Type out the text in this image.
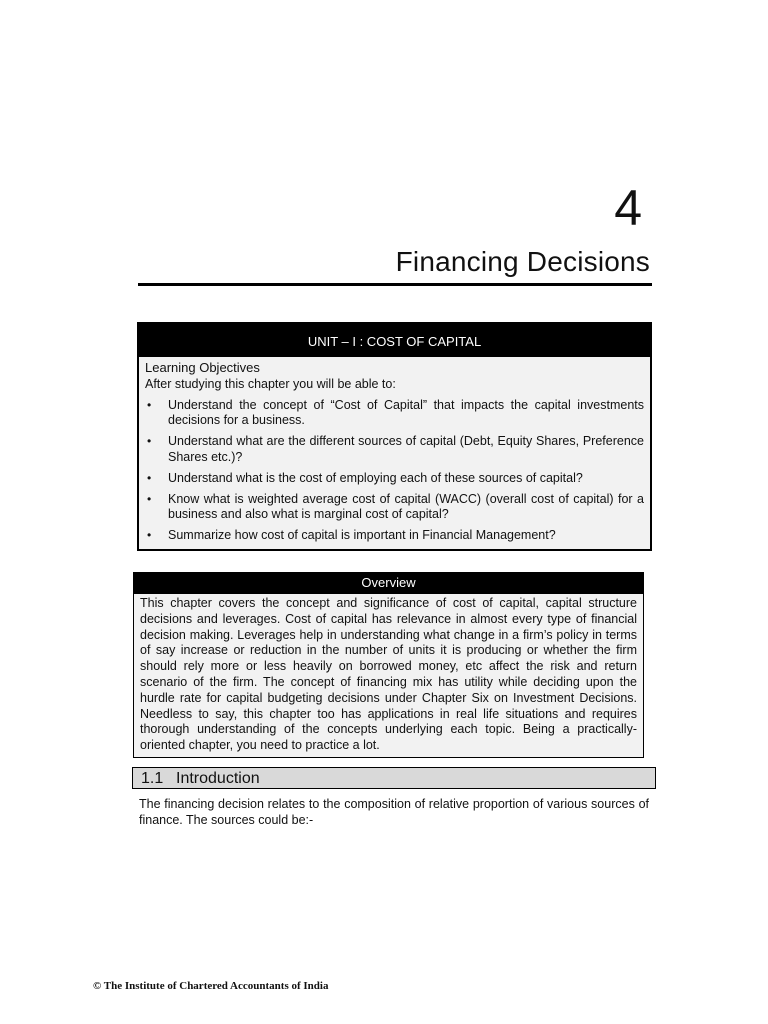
4
Financing Decisions
UNIT – I : COST OF CAPITAL
Learning Objectives
After studying this chapter you will be able to:
• Understand the concept of “Cost of Capital” that impacts the capital investments decisions for a business.
• Understand what are the different sources of capital (Debt, Equity Shares, Preference Shares etc.)?
• Understand what is the cost of employing each of these sources of capital?
• Know what is weighted average cost of capital (WACC) (overall cost of capital) for a business and also what is marginal cost of capital?
• Summarize how cost of capital is important in Financial Management?
Overview
This chapter covers the concept and significance of cost of capital, capital structure decisions and leverages. Cost of capital has relevance in almost every type of financial decision making. Leverages help in understanding what change in a firm’s policy in terms of say increase or reduction in the number of units it is producing or whether the firm should rely more or less heavily on borrowed money, etc affect the risk and return scenario of the firm. The concept of financing mix has utility while deciding upon the hurdle rate for capital budgeting decisions under Chapter Six on Investment Decisions. Needless to say, this chapter too has applications in real life situations and requires thorough understanding of the concepts underlying each topic. Being a practically-oriented chapter, you need to practice a lot.
1.1 Introduction
The financing decision relates to the composition of relative proportion of various sources of finance. The sources could be:-
© The Institute of Chartered Accountants of India
